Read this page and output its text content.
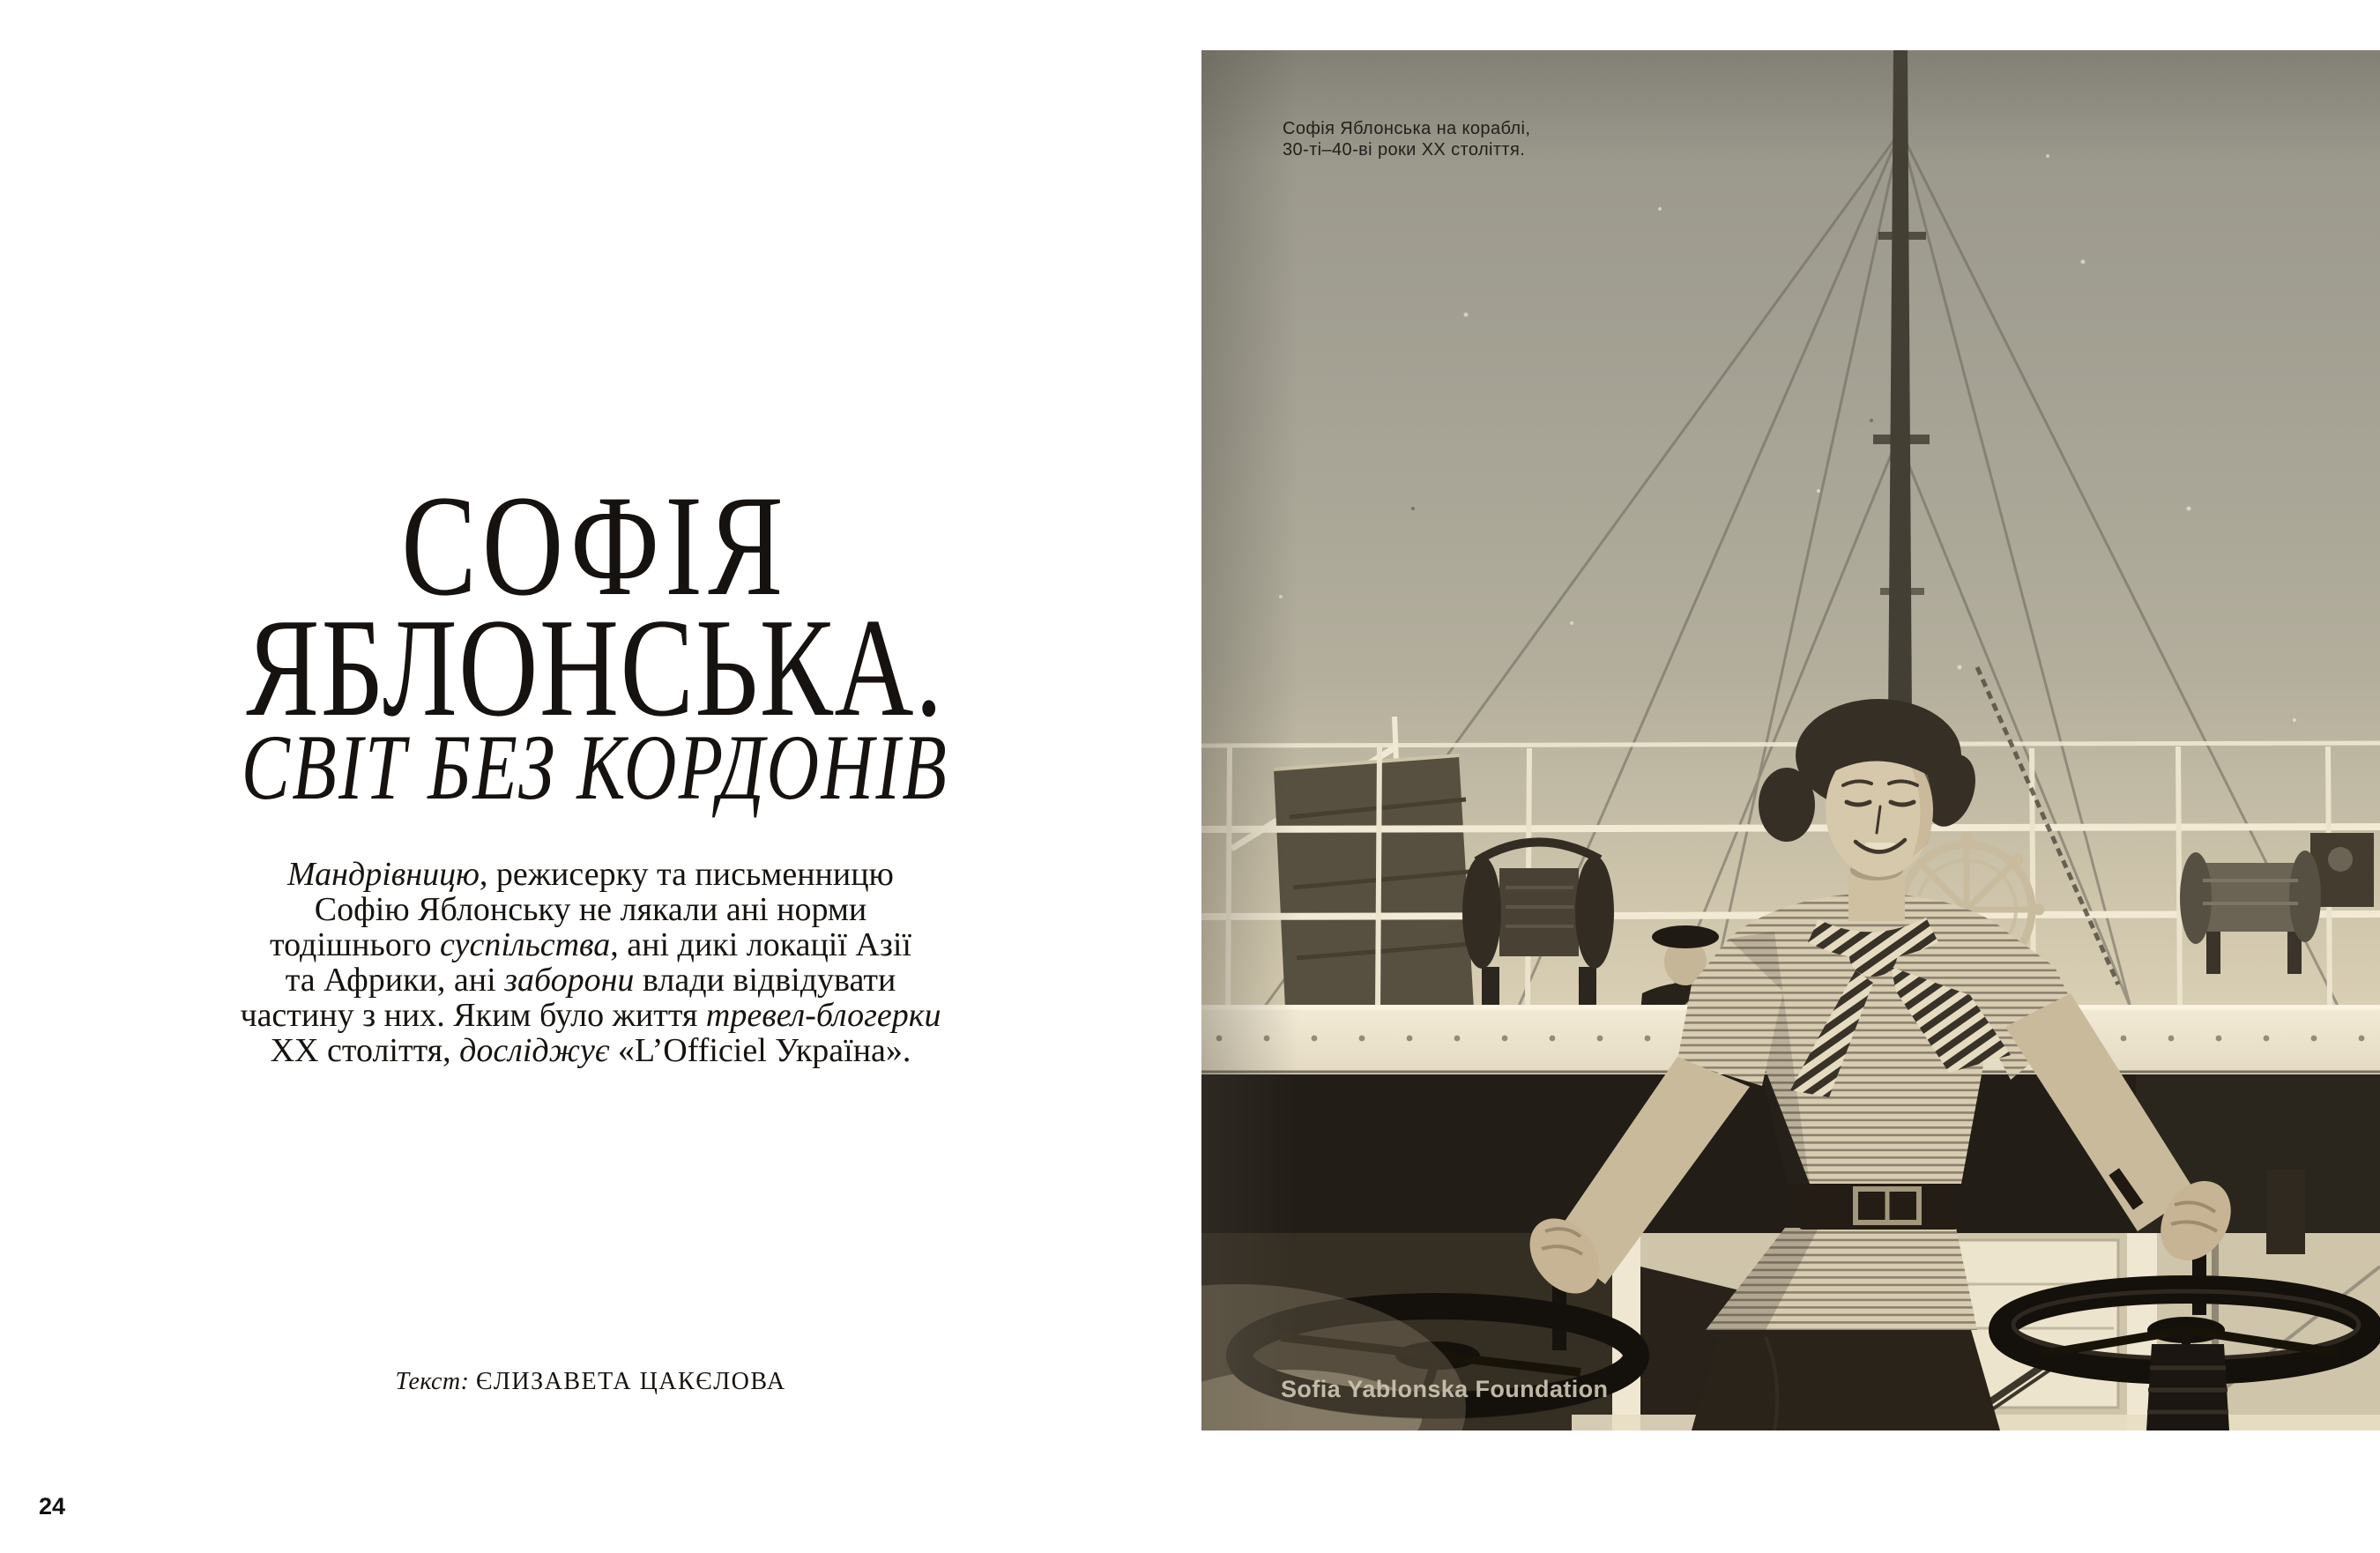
СОФІЯ
ЯБЛОНСЬКА.
СВІТ БЕЗ КОРДОНІВ
Мандрівницю, режисерку та письменницю
Софію Яблонську не лякали ані норми
тодішнього суспільства, ані дикі локації Азії
та Африки, ані заборони влади відвідувати
частину з них. Яким було життя тревел-блогерки
ХХ століття, досліджує «L’Officiel Україна».
Текст: ЄЛИЗАВЕТА ЦАКЄЛОВА
24
Софія Яблонська на кораблі,
30-ті–40-ві роки ХХ століття.
Sofia Yablonska Foundation
